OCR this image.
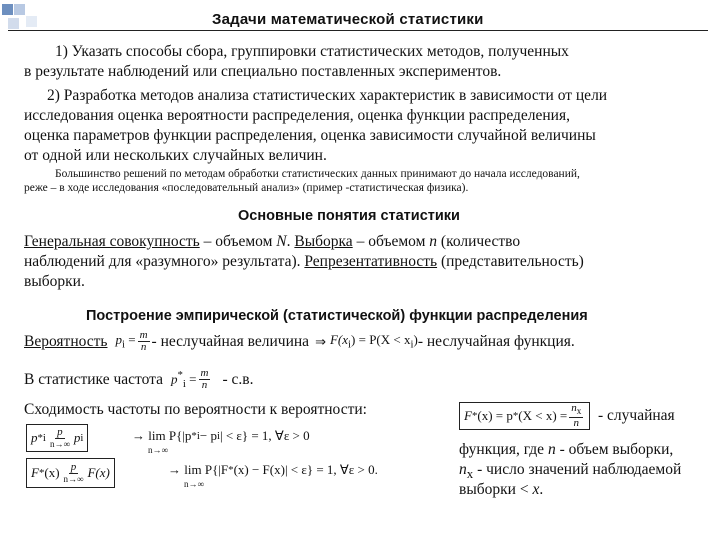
Задачи математической статистики
1) Указать способы сбора, группировки статистических методов, полученных
в результате наблюдений или специально поставленных экспериментов.
2) Разработка методов анализа статистических характеристик в зависимости от цели
исследования оценка вероятности распределения, оценка функции распределения,
оценка параметров функции распределения, оценка зависимости случайной величины
от одной или нескольких случайных величин.
Большинство решений по методам обработки статистических данных принимают до начала исследований,
реже – в ходе исследования «последовательный анализ» (пример -статистическая физика).
Основные понятия статистики
Генеральная совокупность – объемом N. Выборка – объемом n (количество
наблюдений для «разумного» результата). Репрезентативность (представительность)
выборки.
Построение эмпирической (статистической) функции распределения
Вероятность $p_i = \frac{m}{n}$ - неслучайная величина ⇒ $F(x_i) = P(X < x_i)$ - неслучайная функция.
В статистике частота $p^*_i = \frac{m}{n} - с.в$.
Сходимость частоты по вероятности к вероятности:
p * i $\frac{p}{n\to\infty}$ p i	→ lim P{|p * i − p i | < ε} = 1, ∀ε > 0
n→∞
F * $(x) \frac{p}{n\to\infty} F(x)$	→ lim P{|F * (x) − F(x)| < ε} = 1, ∀ε > 0.
n→∞
$F * (x) = p * (X < x) = \frac{n_x}{n}$ - случайная
функция, где n - объем выборки,
$n_x$ - число значений наблюдаемой
выборки < x.
